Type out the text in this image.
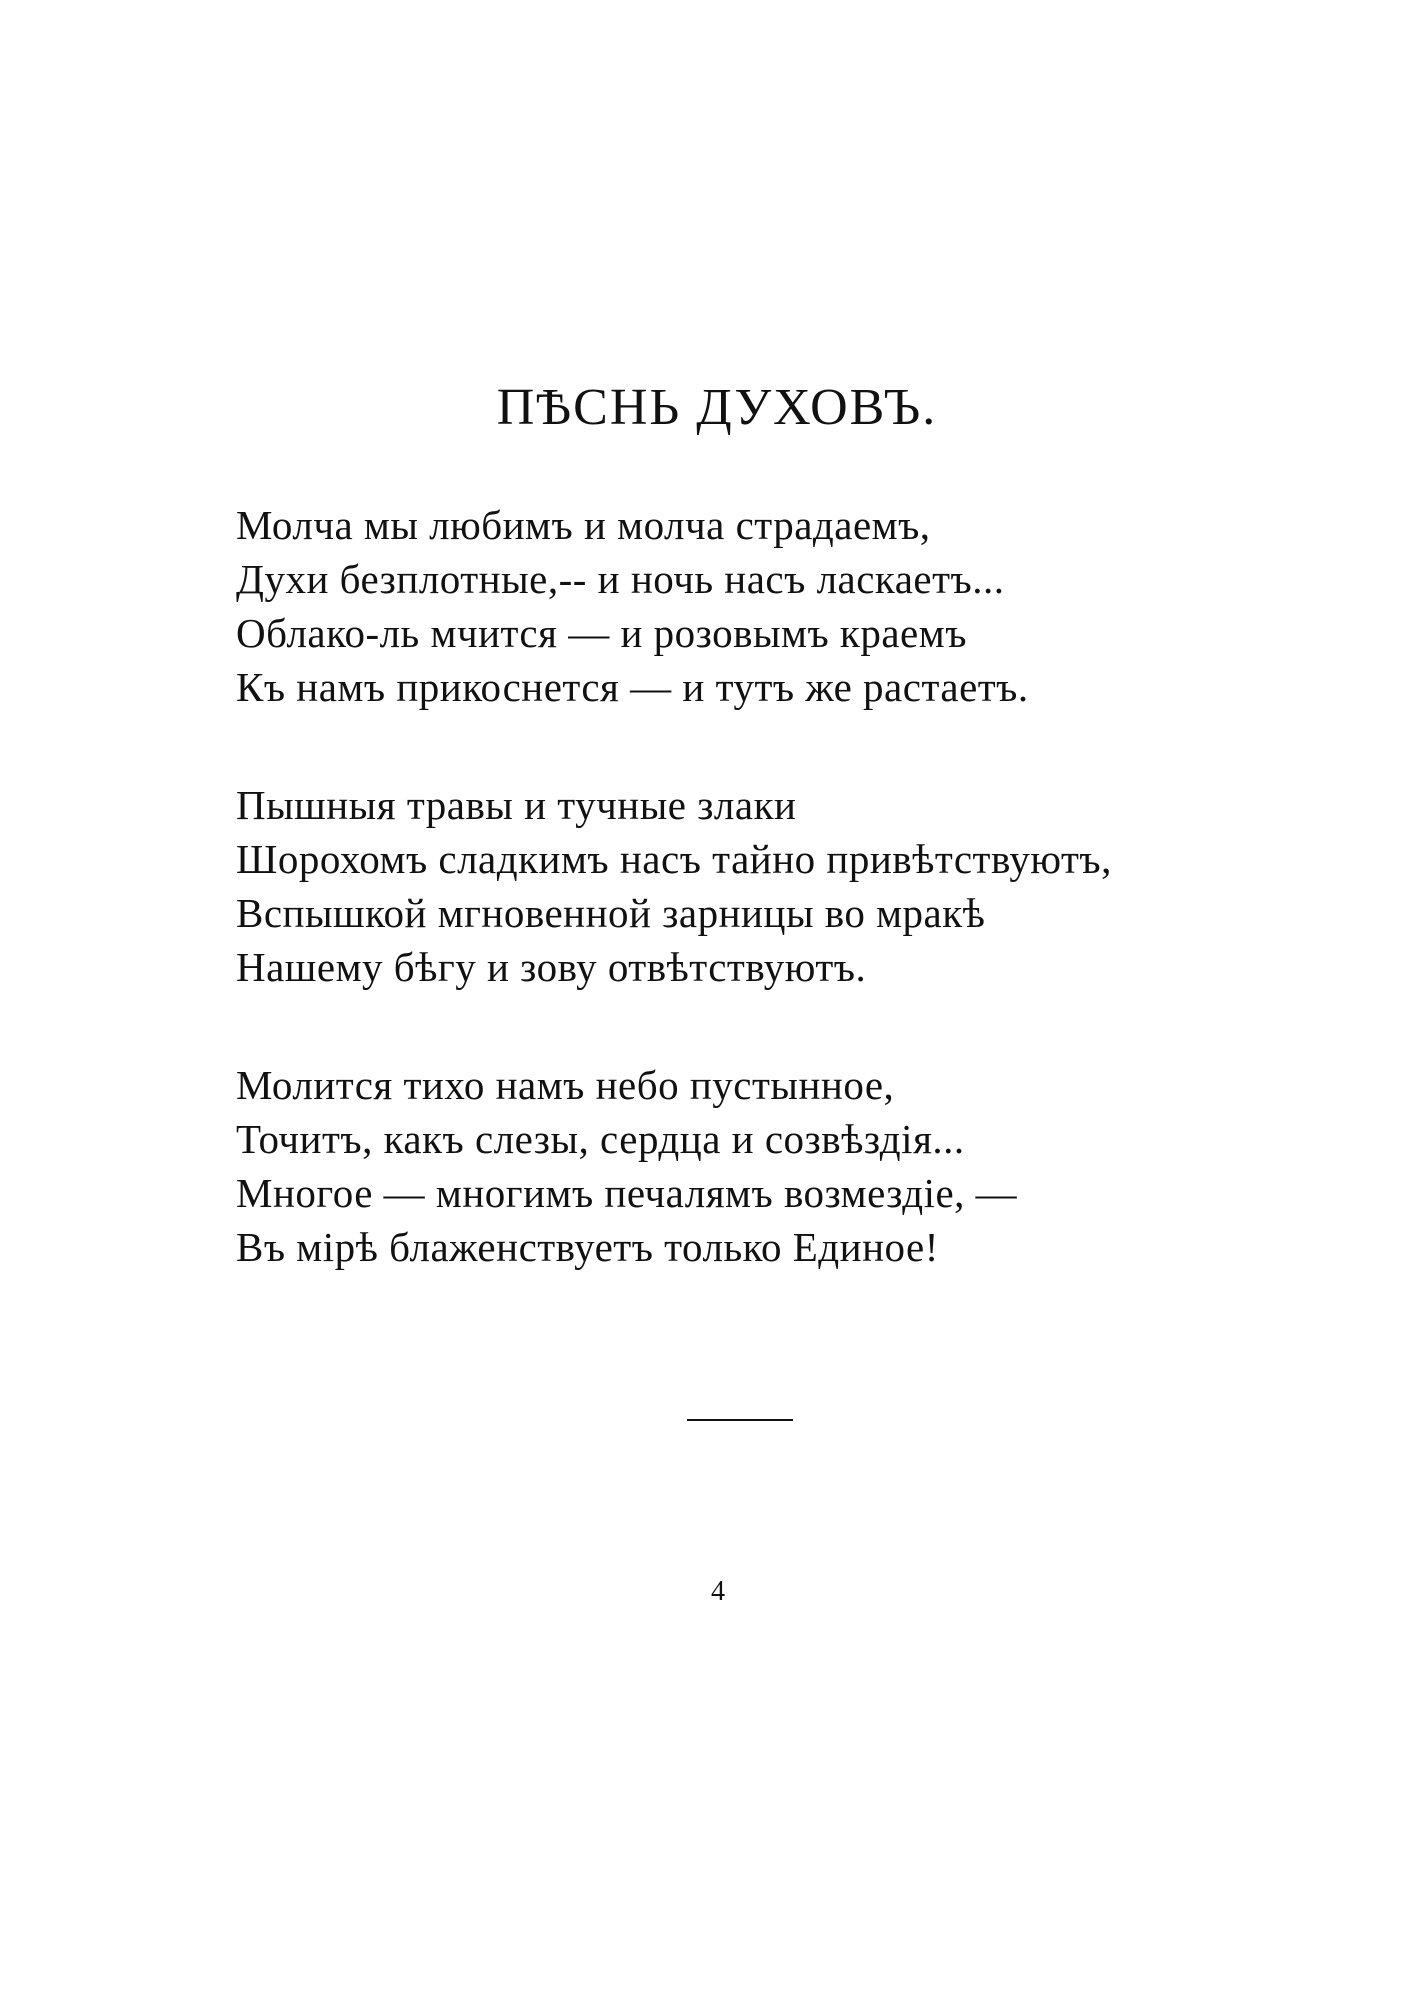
ПѢСНЬ ДУХОВЪ.
Молча мы любимъ и молча страдаемъ,
Духи безплотные,-- и ночь насъ ласкаетъ...
Облако-ль мчится — и розовымъ краемъ
Къ намъ прикоснется — и тутъ же растаетъ.
Пышныя травы и тучные злаки
Шорохомъ сладкимъ насъ тайно привѣтствуютъ,
Вспышкой мгновенной зарницы во мракѣ
Нашему бѣгу и зову отвѣтствуютъ.
Молится тихо намъ небо пустынное,
Точитъ, какъ слезы, сердца и созвѣздія...
Многое — многимъ печалямъ возмездіе, —
Въ мірѣ блаженствуетъ только Единое!
4
